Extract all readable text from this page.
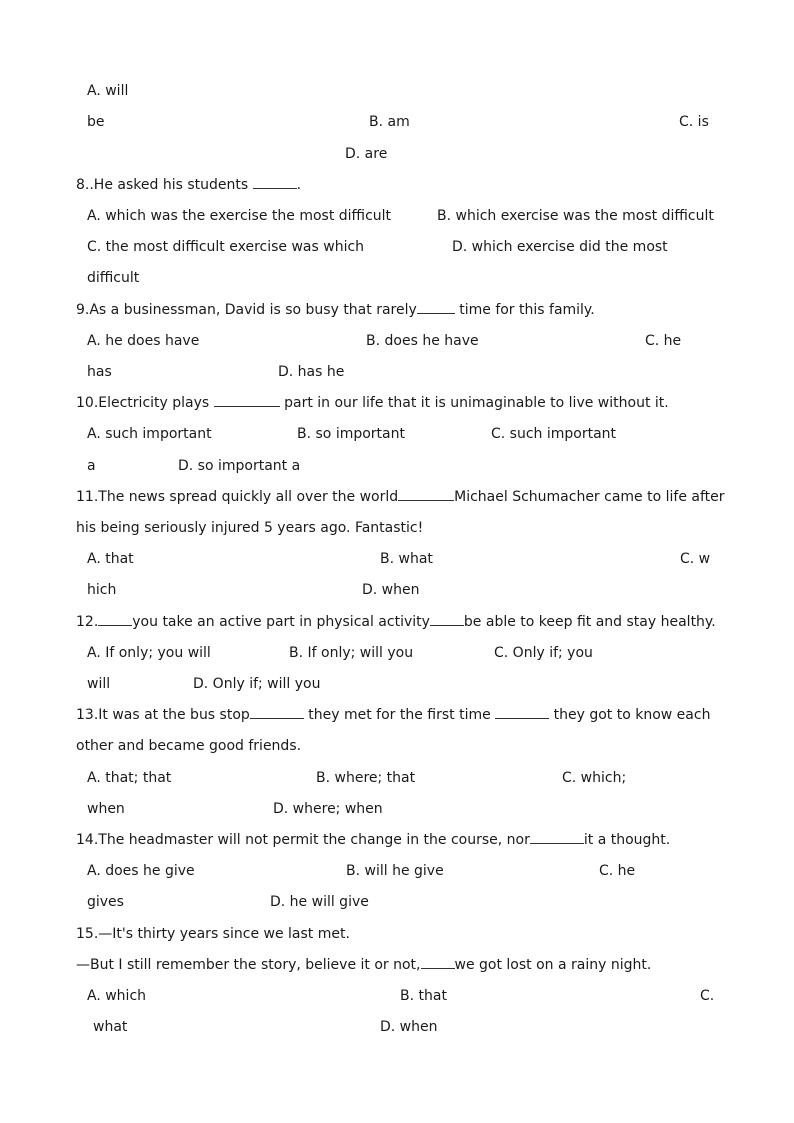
A. will
be	B. am	C. is
D. are
8..He asked his students	.
A. which was the exercise the most difficult	B. which exercise was the most difficult
C. the most difficult exercise was which	D. which exercise did the most
difficult
9.As a businessman, David is so busy that rarely	time for this family.
A. he does have	B. does he have	C. he
has	D. has he
10.Electricity plays	part in our life that it is unimaginable to live without it.
A. such important	B. so important	C. such important
a	D. so important a
11.The news spread quickly all over the world	Michael Schumacher came to life after
his being seriously injured 5 years ago. Fantastic!
A. that	B. what	C. w
hich	D. when
12. you take an active part in physical activity be able to keep fit and stay healthy.
A. If only; you will	B. If only; will you	C. Only if; you
will	D. Only if; will you
13.It was at the bus stop	they met for the first time	they got to know each
other and became good friends.
A. that; that	B. where; that	C. which;
when	D. where; when
14.The headmaster will not permit the change in the course, nor	it a thought.
A. does he give	B. will he give	C. he
gives	D. he will give
15.—It's thirty years since we last met.
—But I still remember the story, believe it or not, we got lost on a rainy night.
A. which	B. that	C.
what	D. when
